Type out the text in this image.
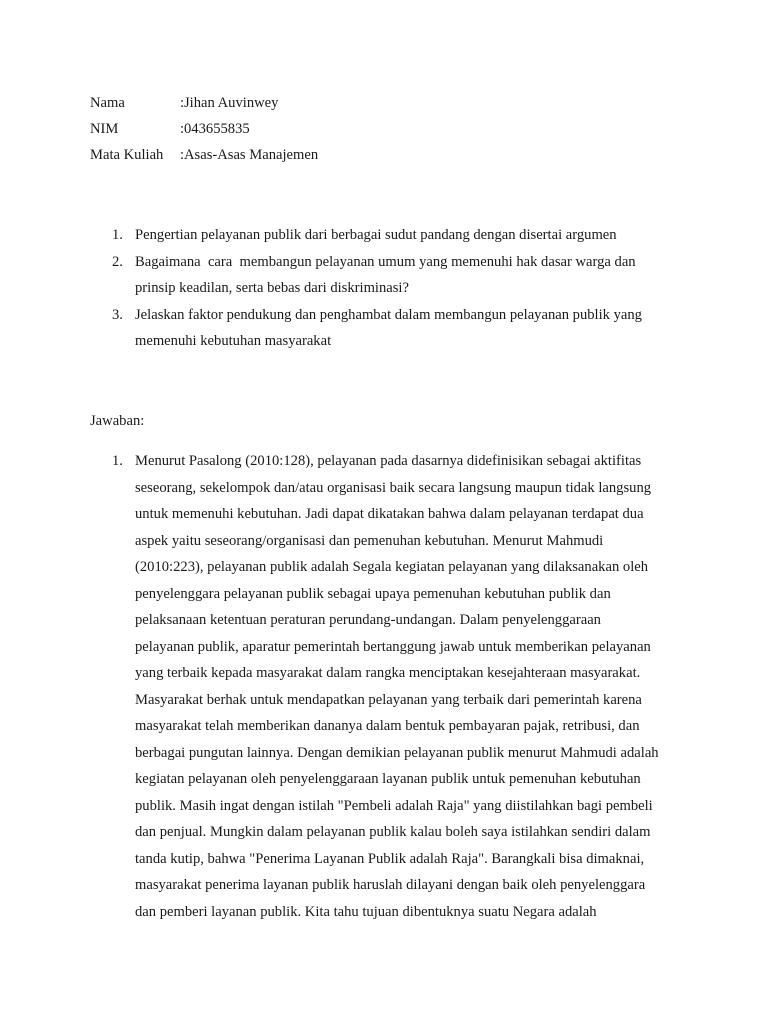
Nama	: Jihan Auvinwey
NIM	: 043655835
Mata Kuliah	: Asas-Asas Manajemen
1. Pengertian pelayanan publik dari berbagai sudut pandang dengan disertai argumen
2. Bagaimana  cara  membangun pelayanan umum yang memenuhi hak dasar warga dan
prinsip keadilan, serta bebas dari diskriminasi?
3. Jelaskan faktor pendukung dan penghambat dalam membangun pelayanan publik yang
memenuhi kebutuhan masyarakat
Jawaban:
1. Menurut Pasalong (2010:128), pelayanan pada dasarnya didefinisikan sebagai aktifitas
seseorang, sekelompok dan/atau organisasi baik secara langsung maupun tidak langsung
untuk memenuhi kebutuhan. Jadi dapat dikatakan bahwa dalam pelayanan terdapat dua
aspek yaitu seseorang/organisasi dan pemenuhan kebutuhan. Menurut Mahmudi
(2010:223), pelayanan publik adalah Segala kegiatan pelayanan yang dilaksanakan oleh
penyelenggara pelayanan publik sebagai upaya pemenuhan kebutuhan publik dan
pelaksanaan ketentuan peraturan perundang-undangan. Dalam penyelenggaraan
pelayanan publik, aparatur pemerintah bertanggung jawab untuk memberikan pelayanan
yang terbaik kepada masyarakat dalam rangka menciptakan kesejahteraan masyarakat.
Masyarakat berhak untuk mendapatkan pelayanan yang terbaik dari pemerintah karena
masyarakat telah memberikan dananya dalam bentuk pembayaran pajak, retribusi, dan
berbagai pungutan lainnya. Dengan demikian pelayanan publik menurut Mahmudi adalah
kegiatan pelayanan oleh penyelenggaraan layanan publik untuk pemenuhan kebutuhan
publik. Masih ingat dengan istilah "Pembeli adalah Raja" yang diistilahkan bagi pembeli
dan penjual. Mungkin dalam pelayanan publik kalau boleh saya istilahkan sendiri dalam
tanda kutip, bahwa "Penerima Layanan Publik adalah Raja". Barangkali bisa dimaknai,
masyarakat penerima layanan publik haruslah dilayani dengan baik oleh penyelenggara
dan pemberi layanan publik. Kita tahu tujuan dibentuknya suatu Negara adalah
